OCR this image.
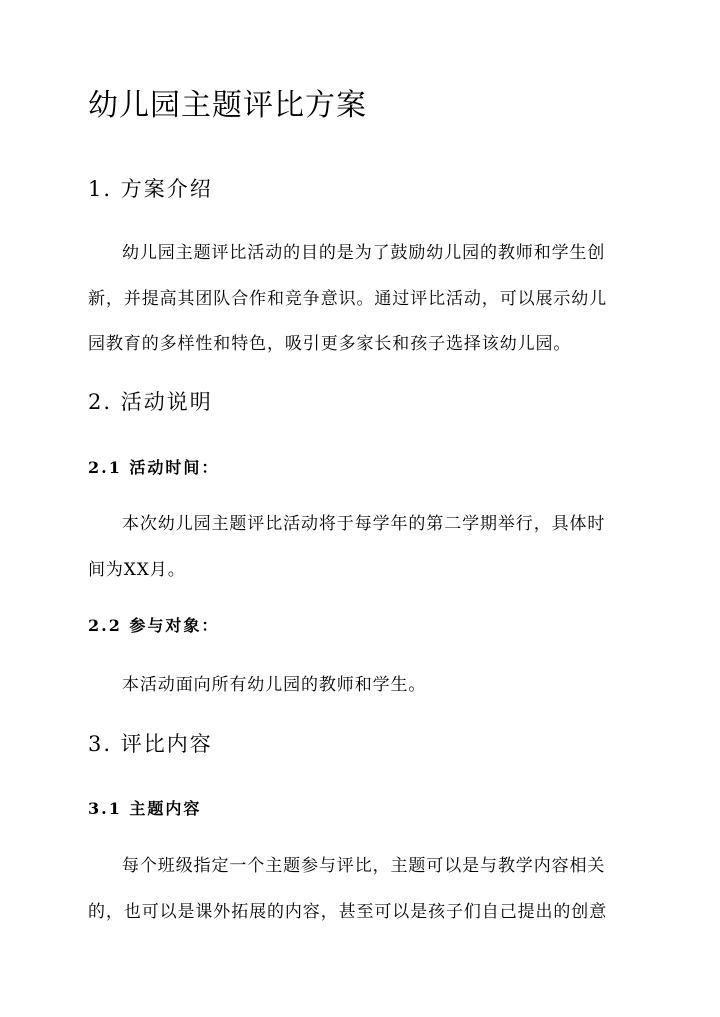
幼儿园主题评比方案
1. 方案介绍
幼儿园主题评比活动的目的是为了鼓励幼儿园的教师和学生创
新，并提高其团队合作和竞争意识。通过评比活动，可以展示幼儿
园教育的多样性和特色，吸引更多家长和孩子选择该幼儿园。
2. 活动说明
2.1 活动时间：
本次幼儿园主题评比活动将于每学年的第二学期举行，具体时
间为XX月。
2.2 参与对象：
本活动面向所有幼儿园的教师和学生。
3. 评比内容
3.1 主题内容
每个班级指定一个主题参与评比，主题可以是与教学内容相关
的，也可以是课外拓展的内容，甚至可以是孩子们自己提出的创意
